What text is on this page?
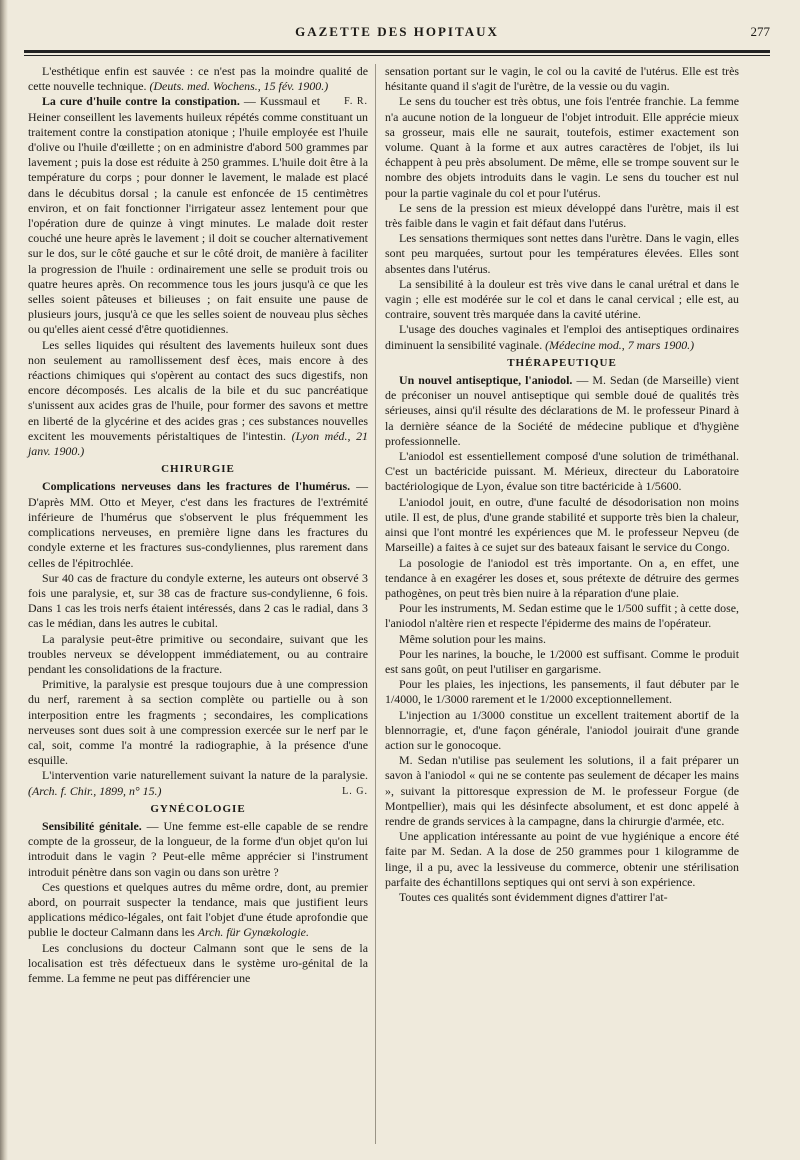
GAZETTE DES HOPITAUX	277

L'esthétique enfin est sauvée : ce n'est pas la moindre qualité de cette nouvelle technique. (Deuts. med. Wochens., 15 fév. 1900.)
F. R.

La cure d'huile contre la constipation. — Kussmaul et Heiner conseillent les lavements huileux répétés comme constituant un traitement contre la constipation atonique ; l'huile employée est l'huile d'olive ou l'huile d'œillette ; on en administre d'abord 500 grammes par lavement ; puis la dose est réduite à 250 grammes. L'huile doit être à la température du corps ; pour donner le lavement, le malade est placé dans le décubitus dorsal ; la canule est enfoncée de 15 centimètres environ, et on fait fonctionner l'irrigateur assez lentement pour que l'opération dure de quinze à vingt minutes. Le malade doit rester couché une heure après le lavement ; il doit se coucher alternativement sur le dos, sur le côté gauche et sur le côté droit, de manière à faciliter la progression de l'huile : ordinairement une selle se produit trois ou quatre heures après. On recommence tous les jours jusqu'à ce que les selles soient pâteuses et bilieuses ; on fait ensuite une pause de plusieurs jours, jusqu'à ce que les selles soient de nouveau plus sèches ou qu'elles aient cessé d'être quotidiennes.

Les selles liquides qui résultent des lavements huileux sont dues non seulement au ramollissement desf èces, mais encore à des réactions chimiques qui s'opèrent au contact des sucs digestifs, non encore décomposés. Les alcalis de la bile et du suc pancréatique s'unissent aux acides gras de l'huile, pour former des savons et mettre en liberté de la glycérine et des acides gras ; ces substances nouvelles excitent les mouvements péristaltiques de l'intestin. (Lyon méd., 21 janv. 1900.)

CHIRURGIE

Complications nerveuses dans les fractures de l'humérus. — D'après MM. Otto et Meyer, c'est dans les fractures de l'extrémité inférieure de l'humérus que s'observent le plus fréquemment les complications nerveuses, en première ligne dans les fractures du condyle externe et les fractures sus-condyliennes, plus rarement dans celles de l'épitrochlée.

Sur 40 cas de fracture du condyle externe, les auteurs ont observé 3 fois une paralysie, et, sur 38 cas de fracture sus-condylienne, 6 fois. Dans 1 cas les trois nerfs étaient intéressés, dans 2 cas le radial, dans 3 cas le médian, dans les autres le cubital.

La paralysie peut-être primitive ou secondaire, suivant que les troubles nerveux se développent immédiatement, ou au contraire pendant les consolidations de la fracture.

Primitive, la paralysie est presque toujours due à une compression du nerf, rarement à sa section complète ou partielle ou à son interposition entre les fragments ; secondaires, les complications nerveuses sont dues soit à une compression exercée sur le nerf par le cal, soit, comme l'a montré la radiographie, à la présence d'une esquille.

L'intervention varie naturellement suivant la nature de la paralysie. (Arch. f. Chir., 1899, n° 15.)	L. G.

GYNÉCOLOGIE

Sensibilité génitale. — Une femme est-elle capable de se rendre compte de la grosseur, de la longueur, de la forme d'un objet qu'on lui introduit dans le vagin ? Peut-elle même apprécier si l'instrument introduit pénètre dans son vagin ou dans son urètre ?

Ces questions et quelques autres du même ordre, dont, au premier abord, on pourrait suspecter la tendance, mais que justifient leurs applications médico-légales, ont fait l'objet d'une étude aprofondie que publie le docteur Calmann dans les Arch. für Gynækologie.

Les conclusions du docteur Calmann sont que le sens de la localisation est très défectueux dans le système uro-génital de la femme. La femme ne peut pas différencier une

sensation portant sur le vagin, le col ou la cavité de l'utérus. Elle est très hésitante quand il s'agit de l'urètre, de la vessie ou du vagin.

Le sens du toucher est très obtus, une fois l'entrée franchie. La femme n'a aucune notion de la longueur de l'objet introduit. Elle apprécie mieux sa grosseur, mais elle ne saurait, toutefois, estimer exactement son volume. Quant à la forme et aux autres caractères de l'objet, ils lui échappent à peu près absolument. De même, elle se trompe souvent sur le nombre des objets introduits dans le vagin. Le sens du toucher est nul pour la partie vaginale du col et pour l'utérus.

Le sens de la pression est mieux développé dans l'urètre, mais il est très faible dans le vagin et fait défaut dans l'utérus.

Les sensations thermiques sont nettes dans l'urètre. Dans le vagin, elles sont peu marquées, surtout pour les températures élevées. Elles sont absentes dans l'utérus.

La sensibilité à la douleur est très vive dans le canal urétral et dans le vagin ; elle est modérée sur le col et dans le canal cervical ; elle est, au contraire, souvent très marquée dans la cavité utérine.

L'usage des douches vaginales et l'emploi des antiseptiques ordinaires diminuent la sensibilité vaginale. (Médecine mod., 7 mars 1900.)

THÉRAPEUTIQUE

Un nouvel antiseptique, l'aniodol. — M. Sedan (de Marseille) vient de préconiser un nouvel antiseptique qui semble doué de qualités très sérieuses, ainsi qu'il résulte des déclarations de M. le professeur Pinard à la dernière séance de la Société de médecine publique et d'hygiène professionnelle.

L'aniodol est essentiellement composé d'une solution de triméthanal. C'est un bactéricide puissant. M. Mérieux, directeur du Laboratoire bactériologique de Lyon, évalue son titre bactéricide à 1/5600.

L'aniodol jouit, en outre, d'une faculté de désodorisation non moins utile. Il est, de plus, d'une grande stabilité et supporte très bien la chaleur, ainsi que l'ont montré les expériences que M. le professeur Nepveu (de Marseille) a faites à ce sujet sur des bateaux faisant le service du Congo.

La posologie de l'aniodol est très importante. On a, en effet, une tendance à en exagérer les doses et, sous prétexte de détruire des germes pathogènes, on peut très bien nuire à la réparation d'une plaie.

Pour les instruments, M. Sedan estime que le 1/500 suffit ; à cette dose, l'aniodol n'altère rien et respecte l'épiderme des mains de l'opérateur.

Même solution pour les mains.

Pour les narines, la bouche, le 1/2000 est suffisant. Comme le produit est sans goût, on peut l'utiliser en gargarisme.

Pour les plaies, les injections, les pansements, il faut débuter par le 1/4000, le 1/3000 rarement et le 1/2000 exceptionnellement.

L'injection au 1/3000 constitue un excellent traitement abortif de la blennorragie, et, d'une façon générale, l'aniodol jouirait d'une grande action sur le gonocoque.

M. Sedan n'utilise pas seulement les solutions, il a fait préparer un savon à l'aniodol « qui ne se contente pas seulement de décaper les mains », suivant la pittoresque expression de M. le professeur Forgue (de Montpellier), mais qui les désinfecte absolument, et est donc appelé à rendre de grands services à la campagne, dans la chirurgie d'armée, etc.

Une application intéressante au point de vue hygiénique a encore été faite par M. Sedan. A la dose de 250 grammes pour 1 kilogramme de linge, il a pu, avec la lessiveuse du commerce, obtenir une stérilisation parfaite des échantillons septiques qui ont servi à son expérience.

Toutes ces qualités sont évidemment dignes d'attirer l'at-
